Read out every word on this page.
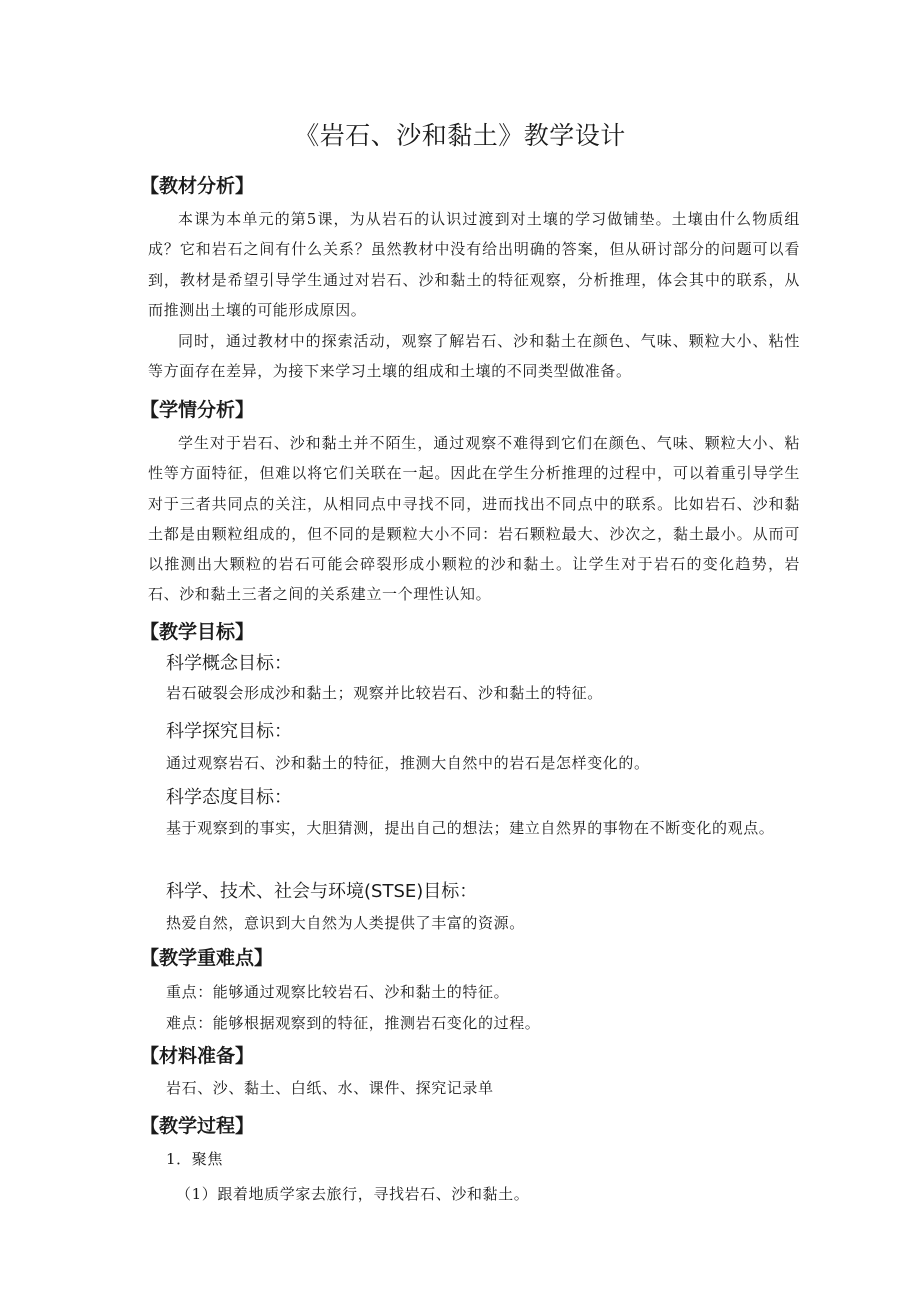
《岩石、沙和黏土》教学设计
【教材分析】

本课为本单元的第5课，为从岩石的认识过渡到对土壤的学习做铺垫。土壤由什么物质组成？它和岩石之间有什么关系？虽然教材中没有给出明确的答案，但从研讨部分的问题可以看到，教材是希望引导学生通过对岩石、沙和黏土的特征观察，分析推理，体会其中的联系，从而推测出土壤的可能形成原因。

同时，通过教材中的探索活动，观察了解岩石、沙和黏土在颜色、气味、颗粒大小、粘性等方面存在差异，为接下来学习土壤的组成和土壤的不同类型做准备。

【学情分析】

学生对于岩石、沙和黏土并不陌生，通过观察不难得到它们在颜色、气味、颗粒大小、粘性等方面特征，但难以将它们关联在一起。因此在学生分析推理的过程中，可以着重引导学生对于三者共同点的关注，从相同点中寻找不同，进而找出不同点中的联系。比如岩石、沙和黏土都是由颗粒组成的，但不同的是颗粒大小不同：岩石颗粒最大、沙次之，黏土最小。从而可以推测出大颗粒的岩石可能会碎裂形成小颗粒的沙和黏土。让学生对于岩石的变化趋势，岩石、沙和黏土三者之间的关系建立一个理性认知。

【教学目标】
科学概念目标：

岩石破裂会形成沙和黏土；观察并比较岩石、沙和黏土的特征。

科学探究目标：

通过观察岩石、沙和黏土的特征，推测大自然中的岩石是怎样变化的。

科学态度目标：

基于观察到的事实，大胆猜测，提出自己的想法；建立自然界的事物在不断变化的观点。

科学、技术、社会与环境(STSE)目标：

热爱自然，意识到大自然为人类提供了丰富的资源。

【教学重难点】

重点：能够通过观察比较岩石、沙和黏土的特征。

难点：能够根据观察到的特征，推测岩石变化的过程。

【材料准备】

岩石、沙、黏土、白纸、水、课件、探究记录单

【教学过程】

1．聚焦

（1）跟着地质学家去旅行，寻找岩石、沙和黏土。
